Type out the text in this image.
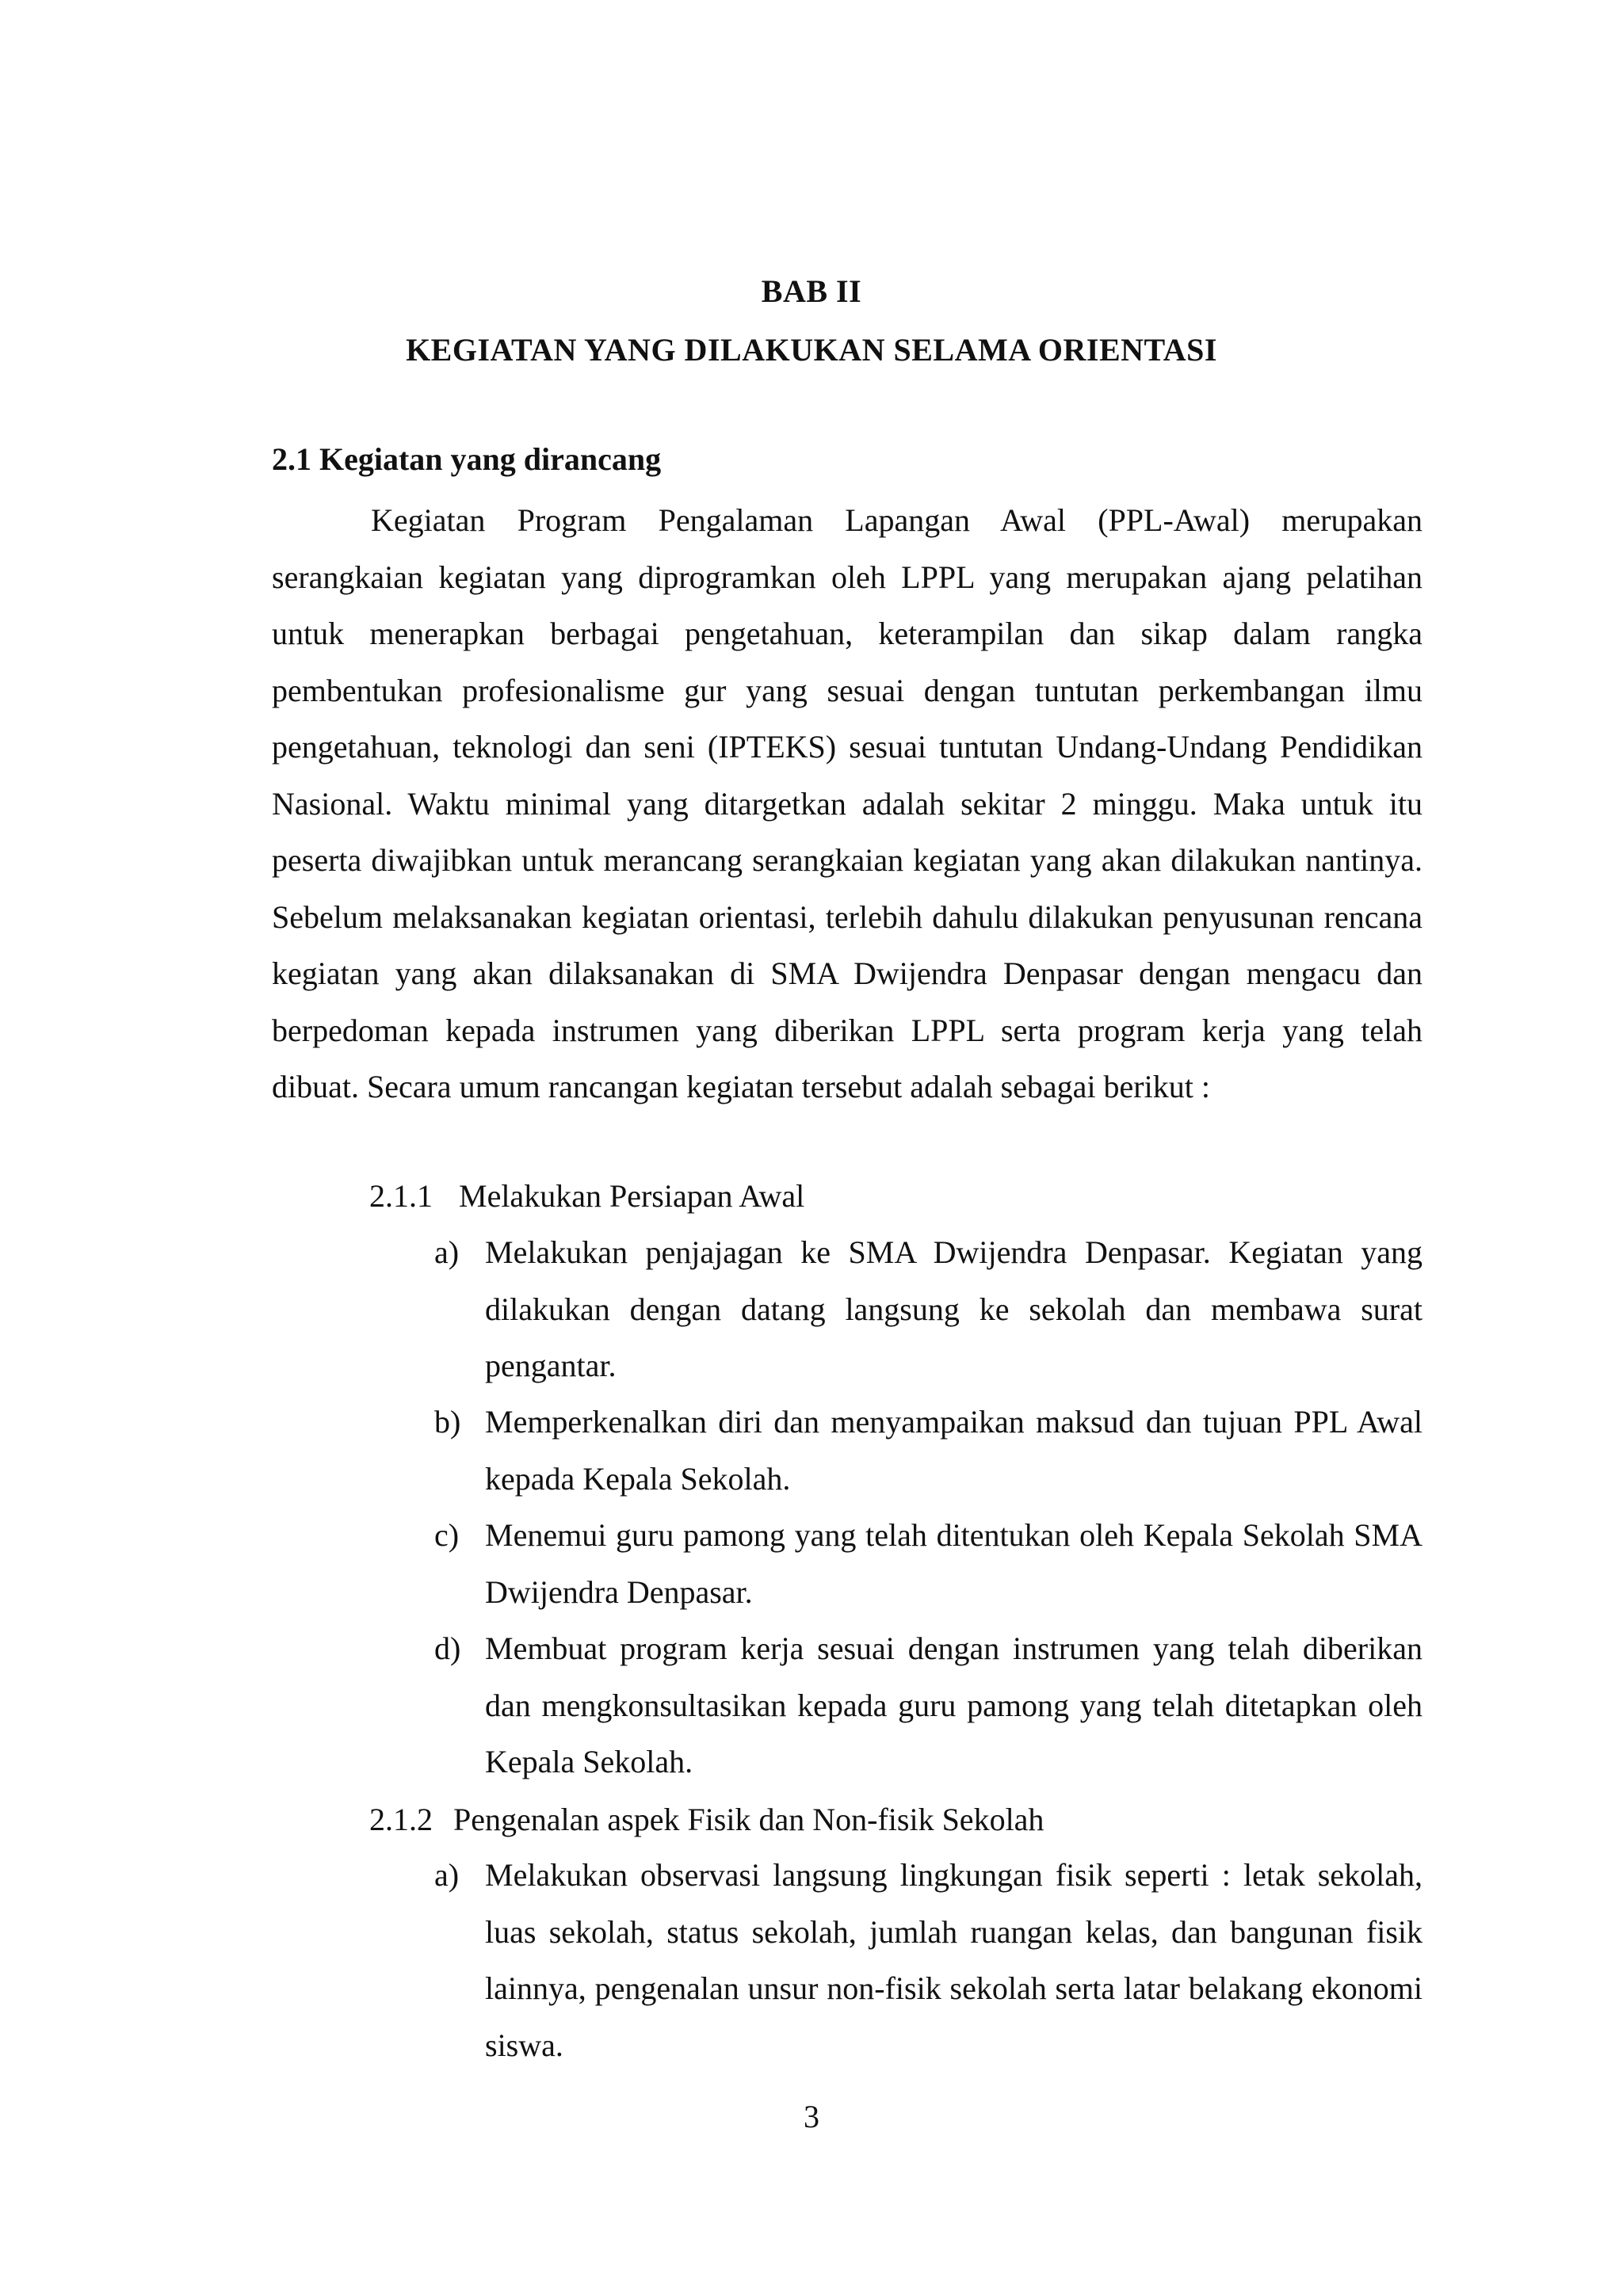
BAB II
KEGIATAN YANG DILAKUKAN SELAMA ORIENTASI
2.1 Kegiatan yang dirancang
Kegiatan Program Pengalaman Lapangan Awal (PPL-Awal) merupakan serangkaian kegiatan yang diprogramkan oleh LPPL yang merupakan ajang pelatihan untuk menerapkan berbagai pengetahuan, keterampilan dan sikap dalam rangka pembentukan profesionalisme gur yang sesuai dengan tuntutan perkembangan ilmu pengetahuan, teknologi dan seni (IPTEKS) sesuai tuntutan Undang-Undang Pendidikan Nasional. Waktu minimal yang ditargetkan adalah sekitar 2 minggu. Maka untuk itu peserta diwajibkan untuk merancang serangkaian kegiatan yang akan dilakukan nantinya. Sebelum melaksanakan kegiatan orientasi, terlebih dahulu dilakukan penyusunan rencana kegiatan yang akan dilaksanakan di SMA Dwijendra Denpasar dengan mengacu dan berpedoman kepada instrumen yang diberikan LPPL serta program kerja yang telah dibuat. Secara umum rancangan kegiatan tersebut adalah sebagai berikut :
2.1.1 Melakukan Persiapan Awal
a) Melakukan penjajagan ke SMA Dwijendra Denpasar. Kegiatan yang dilakukan dengan datang langsung ke sekolah dan membawa surat pengantar.
b) Memperkenalkan diri dan menyampaikan maksud dan tujuan PPL Awal kepada Kepala Sekolah.
c) Menemui guru pamong yang telah ditentukan oleh Kepala Sekolah SMA Dwijendra Denpasar.
d) Membuat program kerja sesuai dengan instrumen yang telah diberikan dan mengkonsultasikan kepada guru pamong yang telah ditetapkan oleh Kepala Sekolah.
2.1.2 Pengenalan aspek Fisik dan Non-fisik Sekolah
a) Melakukan observasi langsung lingkungan fisik seperti : letak sekolah, luas sekolah, status sekolah, jumlah ruangan kelas, dan bangunan fisik lainnya, pengenalan unsur non-fisik sekolah serta latar belakang ekonomi siswa.
3
